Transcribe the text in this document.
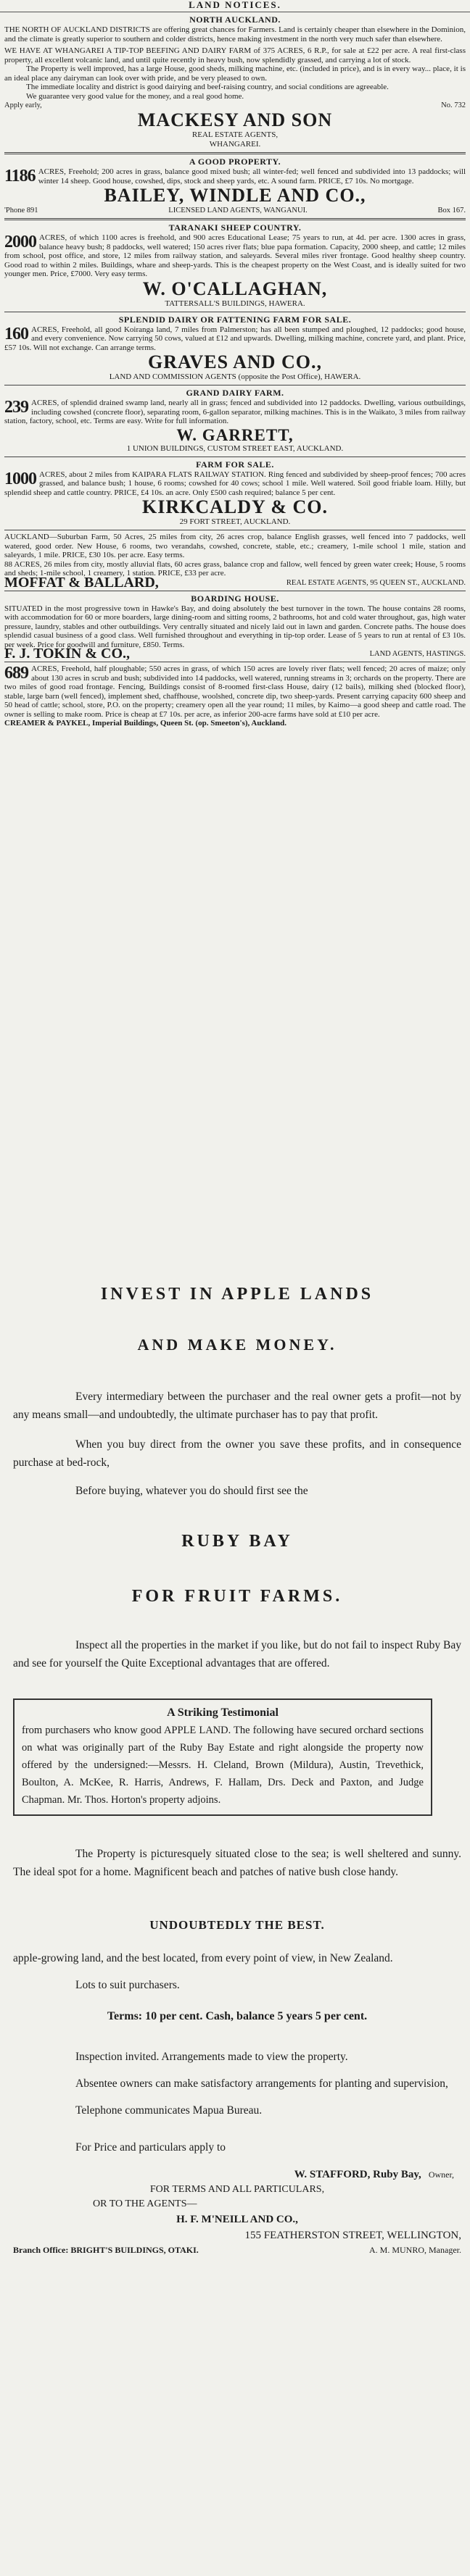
LAND NOTICES.
NORTH AUCKLAND.
THE NORTH OF AUCKLAND DISTRICTS are offering great chances for Farmers. Land is certainly cheaper than elsewhere in the Dominion, and the climate is greatly superior to southern and colder districts, hence making investment in the north very much safer than elsewhere.
WE HAVE AT WHANGAREI A TIP-TOP BEEFING AND DAIRY FARM of 375 ACRES, 6 R.P., for sale at £22 per acre. A real first-class property, all excellent volcanic land, and until quite recently in heavy bush, now splendidly grassed, and carrying a lot of stock.
The Property is well improved, has a large House, good sheds, milking machine, etc. (included in price), and is in every way... place, it is an ideal place any dairyman can look over with pride, and be very pleased to own.
The immediate locality and district is good dairying and beef-raising country, and social conditions are agreeable.
We guarantee very good value for the money, and a real good home.
Apply early,	No. 732
MACKESY AND SON
REAL ESTATE AGENTS,
WHANGAREI.
A GOOD PROPERTY.
1186 ACRES, Freehold; 200 acres in grass, balance good mixed bush; all winter-fed; well fenced and subdivided into 13 paddocks; will winter 14 sheep. Good house, cowshed, dips, stock and sheep yards, etc. A sound farm. PRICE, £7 10s. No mortgage.
BAILEY, WINDLE AND CO.,
'Phone 891	LICENSED LAND AGENTS, WANGANUI.	Box 167.
TARANAKI SHEEP COUNTRY.
2000 ACRES, of which 1100 acres is freehold, and 900 acres Educational Lease; 75 years to run, at 4d. per acre. 1300 acres in grass, balance heavy bush; 8 paddocks, well watered; 150 acres river flats; blue papa formation. Capacity, 2000 sheep, and cattle; 12 miles from school, post office, and store, 12 miles from railway station, and saleyards. Several miles river frontage. Good healthy sheep country. Good road to within 2 miles. Buildings, whare and sheep-yards. This is the cheapest property on the West Coast, and is ideally suited for two younger men. Price, £7000. Very easy terms.
W. O'CALLAGHAN,
TATTERSALL'S BUILDINGS, HAWERA.
SPLENDID DAIRY OR FATTENING FARM FOR SALE.
160 ACRES, Freehold, all good Koiranga land, 7 miles from Palmerston; has all been stumped and ploughed, 12 paddocks; good house, and every convenience. Now carrying 50 cows, valued at £12 and upwards. Dwelling, milking machine, concrete yard, and plant. Price, £57 10s. Will not exchange. Can arrange terms.
GRAVES AND CO.,
LAND AND COMMISSION AGENTS (opposite the Post Office), HAWERA.
GRAND DAIRY FARM.
239 ACRES, of splendid drained swamp land, nearly all in grass; fenced and subdivided into 12 paddocks. Dwelling, various outbuildings, including cowshed (concrete floor), separating room, 6-gallon separator, milking machines. This is in the Waikato, 3 miles from railway station, factory, school, etc. Terms are easy. Write for full information.
W. GARRETT,
1 UNION BUILDINGS, CUSTOM STREET EAST, AUCKLAND.
FARM FOR SALE.
1000 ACRES, about 2 miles from KAIPARA FLATS RAILWAY STATION. Ring fenced and subdivided by sheep-proof fences; 700 acres grassed, and balance bush; 1 house, 6 rooms; cowshed for 40 cows; school 1 mile. Well watered. Soil good friable loam. Hilly, but splendid sheep and cattle country. PRICE, £4 10s. an acre. Only £500 cash required; balance 5 per cent.
KIRKCALDY & CO.
29 FORT STREET, AUCKLAND.
AUCKLAND—Suburban Farm, 50 Acres, 25 miles from city, 26 acres crop, balance English grasses, well fenced into 7 paddocks, well watered, good order. New House, 6 rooms, two verandahs, cowshed, concrete, stable, etc.; creamery, 1-mile school 1 mile, station and saleyards, 1 mile. PRICE, £30 10s. per acre. Easy terms.
88 ACRES, 26 miles from city, mostly alluvial flats, 60 acres grass, balance crop and fallow, well fenced by green water creek; House, 5 rooms and sheds; 1-mile school, 1 creamery, 1 station. PRICE, £33 per acre.
MOFFAT & BALLARD,	REAL ESTATE AGENTS, 95 QUEEN ST., AUCKLAND.
BOARDING HOUSE.
SITUATED in the most progressive town in Hawke's Bay, and doing absolutely the best turnover in the town. The house contains 28 rooms, with accommodation for 60 or more boarders, large dining-room and sitting rooms, 2 bathrooms, hot and cold water throughout, gas, high water pressure, laundry, stables and other outbuildings. Very centrally situated and nicely laid out in lawn and garden. Concrete paths. The house does splendid casual business of a good class. Well furnished throughout and everything in tip-top order. Lease of 5 years to run at rental of £3 10s. per week. Price for goodwill and furniture, £850. Terms.
F. J. TOKIN & CO.,	LAND AGENTS, HASTINGS.
689 ACRES, Freehold, half ploughable; 550 acres in grass, of which 150 acres are lovely river flats; well fenced; 20 acres of maize; only about 130 acres in scrub and bush; subdivided into 14 paddocks, well watered, running streams in 3; orchards on the property. There are two miles of good road frontage. Fencing, Buildings consist of 8-roomed first-class House, dairy (12 bails), milking shed (blocked floor), stable, large barn (well fenced), implement shed, chaffhouse, woolshed, concrete dip, two sheep-yards. Present carrying capacity 600 sheep and 50 head of cattle; school, store, P.O. on the property; creamery open all the year round; 11 miles, by Kaimo—a good sheep and cattle road. The owner is selling to make room. Price is cheap at £7 10s. per acre, as inferior 200-acre farms have sold at £10 per acre.
CREAMER & PAYKEL, Imperial Buildings, Queen St. (op. Smeeton's), Auckland.
INVEST IN APPLE LANDS
AND MAKE MONEY.
Every intermediary between the purchaser and the real owner gets a profit—not by any means small—and undoubtedly, the ultimate purchaser has to pay that profit.
When you buy direct from the owner you save these profits, and in consequence purchase at bed-rock,
Before buying, whatever you do should first see the
RUBY BAY
FOR FRUIT FARMS.
Inspect all the properties in the market if you like, but do not fail to inspect Ruby Bay and see for yourself the Quite Exceptional advantages that are offered.
A Striking Testimonial
from purchasers who know good APPLE LAND. The following have secured orchard sections on what was originally part of the Ruby Bay Estate and right alongside the property now offered by the undersigned:—Messrs. H. Cleland, Brown (Mildura), Austin, Trevethick, Boulton, A. McKee, R. Harris, Andrews, F. Hallam, Drs. Deck and Paxton, and Judge Chapman. Mr. Thos. Horton's property adjoins.
The Property is picturesquely situated close to the sea; is well sheltered and sunny. The ideal spot for a home. Magnificent beach and patches of native bush close handy.
UNDOUBTEDLY THE BEST.
apple-growing land, and the best located, from every point of view, in New Zealand.
Lots to suit purchasers.
Terms: 10 per cent. Cash, balance 5 years 5 per cent.
Inspection invited. Arrangements made to view the property.
Absentee owners can make satisfactory arrangements for planting and supervision,
Telephone communicates Mapua Bureau.
For Price and particulars apply to
W. STAFFORD, Ruby Bay, Owner,
FOR TERMS AND ALL PARTICULARS,
OR TO THE AGENTS—
H. F. M'NEILL AND CO.,
155 FEATHERSTON STREET, WELLINGTON,
Branch Office: BRIGHT'S BUILDINGS, OTAKI.	A. M. MUNRO, Manager.
